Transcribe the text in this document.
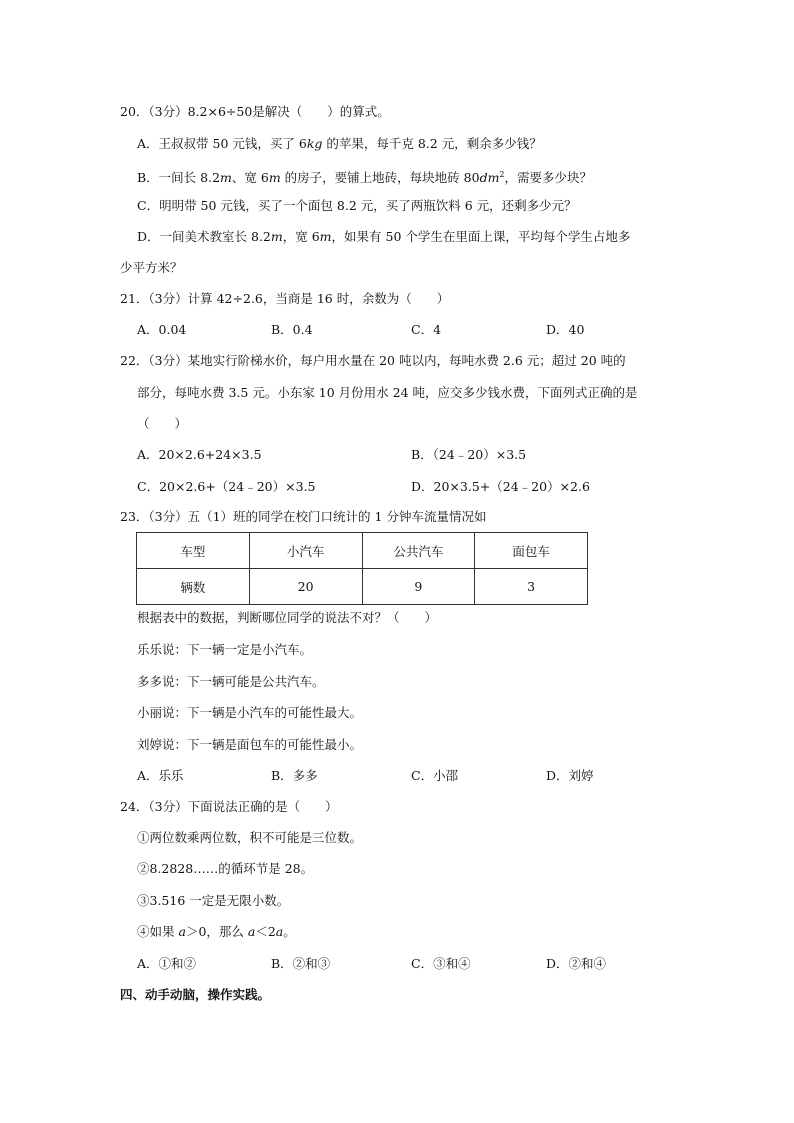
20．（3分）8.2×6÷50是解决（　　）的算式。
A．王叔叔带 50 元钱，买了 6kg 的苹果，每千克 8.2 元，剩余多少钱？
B．一间长 8.2m、宽 6m 的房子，要铺上地砖，每块地砖 $80dm^2$，需要多少块？
C．明明带 50 元钱，买了一个面包 8.2 元，买了两瓶饮料 6 元，还剩多少元？
D．一间美术教室长 8.2m，宽 6m，如果有 50 个学生在里面上课，平均每个学生占地多
少平方米？
21．（3分）计算 42÷2.6，当商是 16 时，余数为（　　）
A．0.04	B．0.4	C．4	D．40
22．（3分）某地实行阶梯水价，每户用水量在 20 吨以内，每吨水费 2.6 元；超过 20 吨的
部分，每吨水费 3.5 元。小东家 10 月份用水 24 吨，应交多少钱水费，下面列式正确的是
（　　）
A．20×2.6+24×3.5	B．（24﹣20）×3.5
C．20×2.6+（24﹣20）×3.5	D．20×3.5+（24﹣20）×2.6
23．（3分）五（1）班的同学在校门口统计的 1 分钟车流量情况如
车型	小汽车	公共汽车	面包车
辆数	20	9	3
根据表中的数据，判断哪位同学的说法不对？（　　）
乐乐说：下一辆一定是小汽车。
多多说：下一辆可能是公共汽车。
小丽说：下一辆是小汽车的可能性最大。
刘婷说：下一辆是面包车的可能性最小。
A．乐乐	B．多多	C．小邵	D．刘婷
24．（3分）下面说法正确的是（　　）
①两位数乘两位数，积不可能是三位数。
②8.2828……的循环节是 28。
③3.516 一定是无限小数。
④如果 a＞0，那么 a＜2a。
A．①和②	B．②和③	C．③和④	D．②和④
四、动手动脑，操作实践。
